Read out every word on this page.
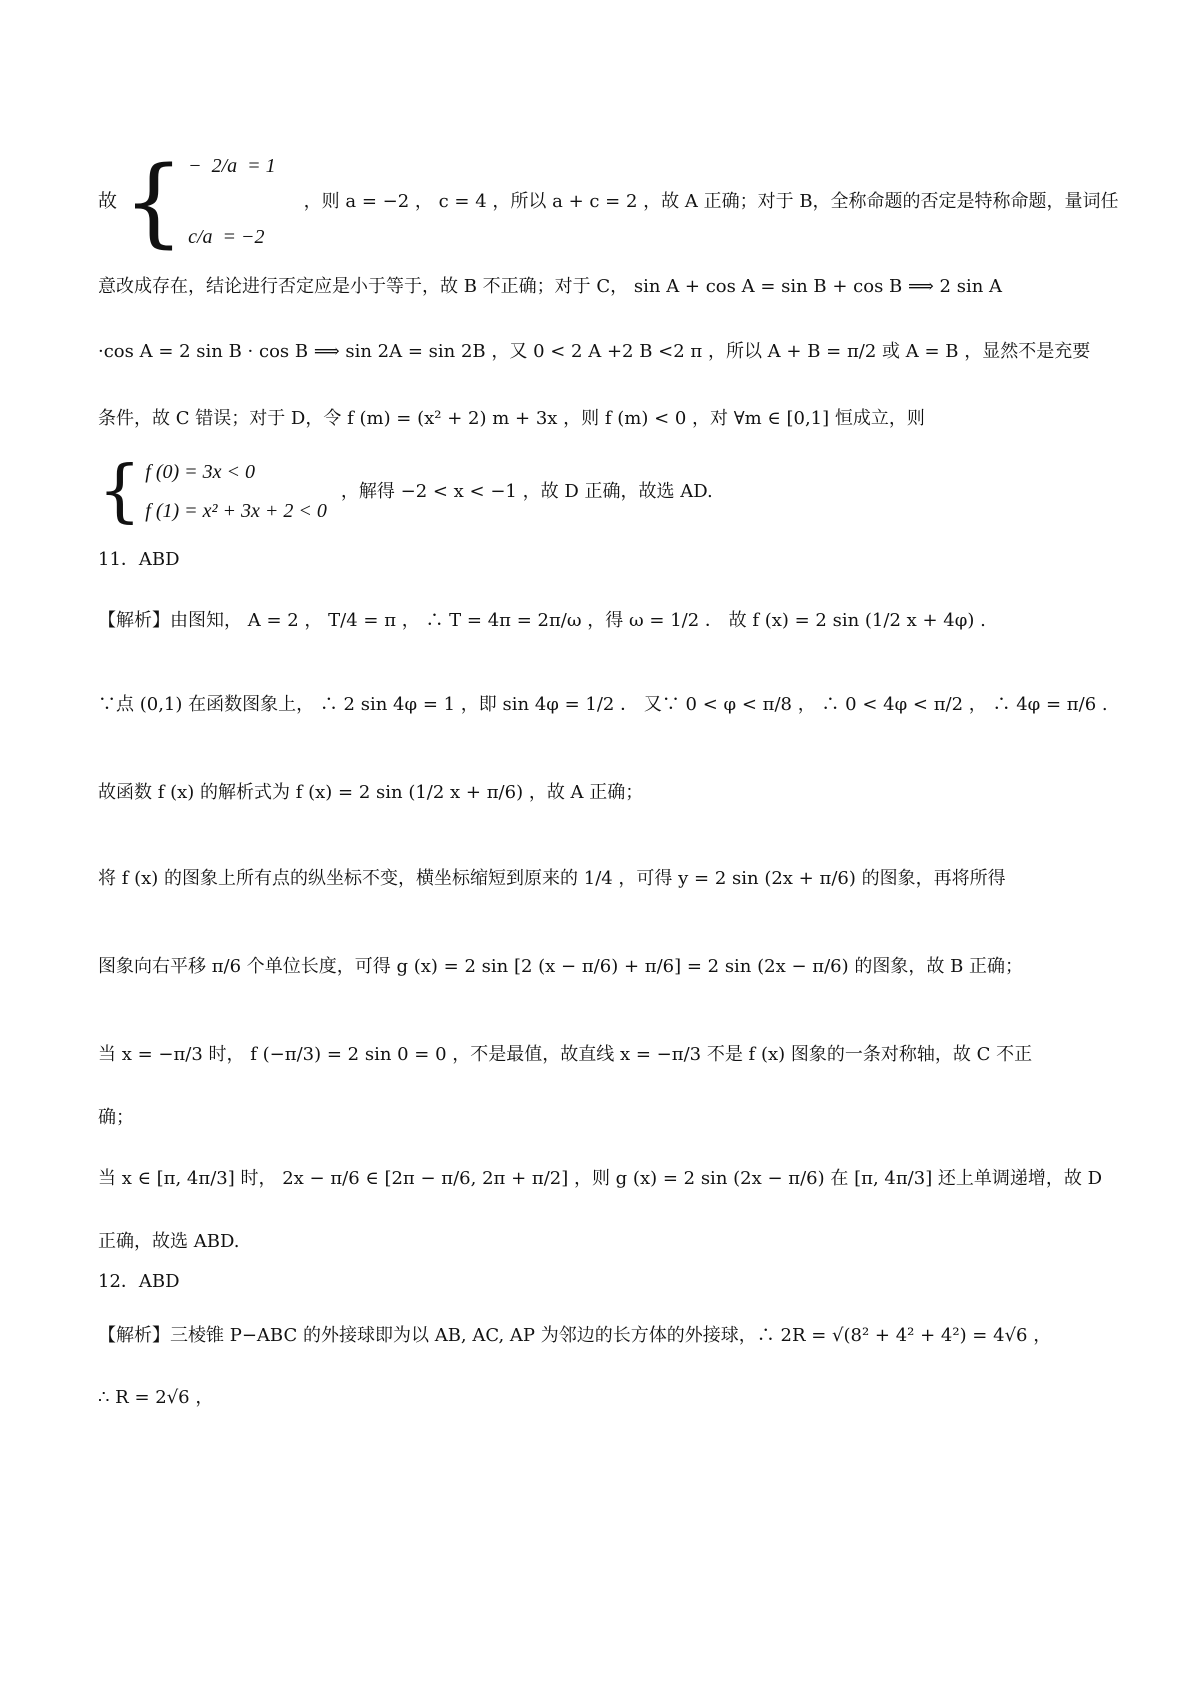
故 { − 2/a = 1
c/a = −2
，则 a = −2 ， c = 4 ，所以 a + c = 2 ，故 A 正确；对于 B，全称命题的否定是特称命题，量词任
意改成存在，结论进行否定应是小于等于，故 B 不正确；对于 C， sin A + cos A = sin B + cos B ⟹ 2 sin A
·cos A = 2 sin B · cos B ⟹ sin 2A = sin 2B ，又 0 < 2 A +2 B <2 π ，所以 A + B = π/2 或 A = B ，显然不是充要
条件，故 C 错误；对于 D，令 f (m) = (x² + 2) m + 3x ，则 f (m) < 0 ，对 ∀m ∈ [0,1] 恒成立，则
{ f (0) = 3x < 0
f (1) = x² + 3x + 2 < 0
，解得 −2 < x < −1 ，故 D 正确，故选 AD.
11．ABD
【解析】由图知， A = 2 ， T/4 = π ， ∴ T = 4π = 2π/ω ，得 ω = 1/2 ． 故 f (x) = 2 sin (1/2 x + 4φ) .
∵点 (0,1) 在函数图象上， ∴ 2 sin 4φ = 1 ，即 sin 4φ = 1/2 ． 又∵ 0 < φ < π/8 ， ∴ 0 < 4φ < π/2 ， ∴ 4φ = π/6 .
故函数 f (x) 的解析式为 f (x) = 2 sin (1/2 x + π/6) ，故 A 正确；
将 f (x) 的图象上所有点的纵坐标不变，横坐标缩短到原来的 1/4 ，可得 y = 2 sin (2x + π/6) 的图象，再将所得
图象向右平移 π/6 个单位长度，可得 g (x) = 2 sin [2 (x − π/6) + π/6] = 2 sin (2x − π/6) 的图象，故 B 正确；
当 x = −π/3 时， f (−π/3) = 2 sin 0 = 0 ，不是最值，故直线 x = −π/3 不是 f (x) 图象的一条对称轴，故 C 不正
确；
当 x ∈ [π, 4π/3] 时， 2x − π/6 ∈ [2π − π/6, 2π + π/2] ，则 g (x) = 2 sin (2x − π/6) 在 [π, 4π/3] 还上单调递增，故 D
正确，故选 ABD.
12．ABD
【解析】三棱锥 P−ABC 的外接球即为以 AB, AC, AP 为邻边的长方体的外接球，∴ 2R = √(8² + 4² + 4²) = 4√6 ，
∴ R = 2√6 ，
